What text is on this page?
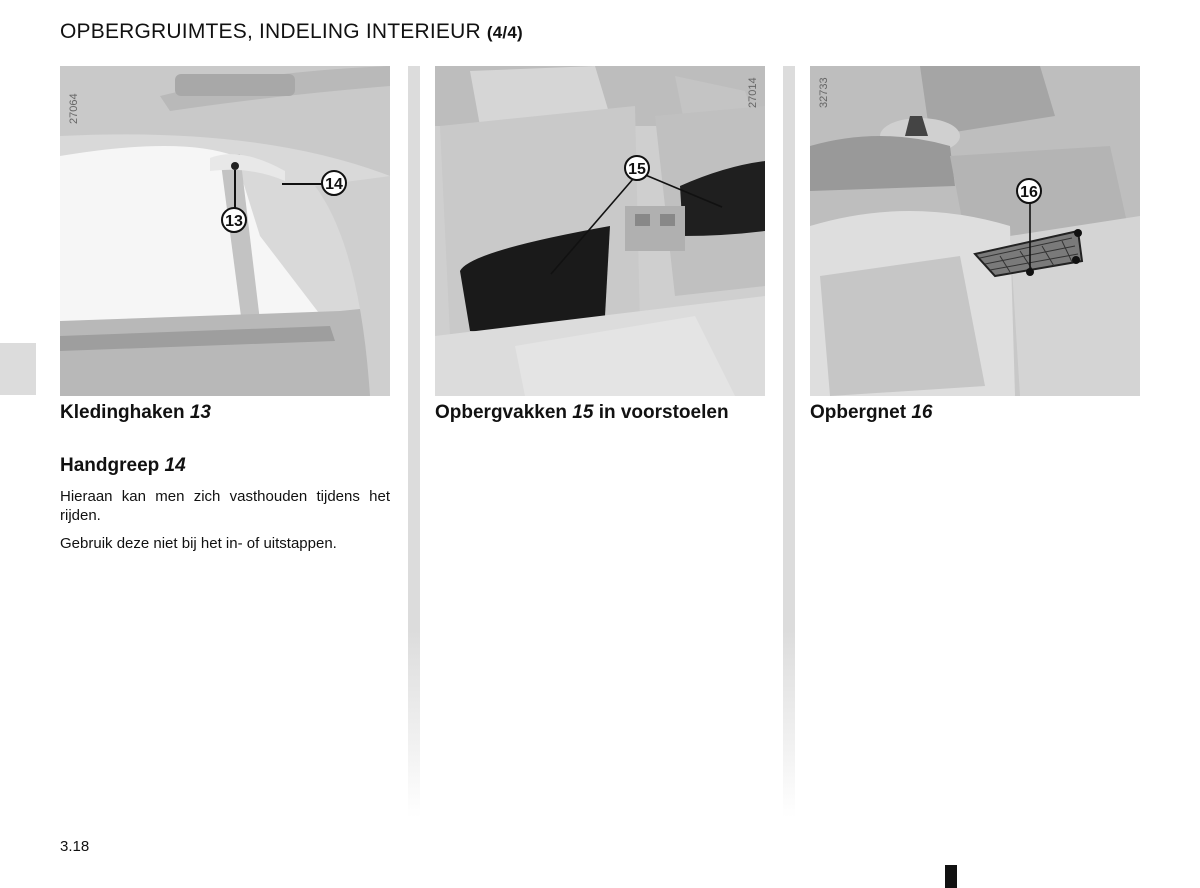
OPBERGRUIMTES, INDELING INTERIEUR (4/4)
14
13
27064
15
27014
16
32733
Kledinghaken 13	Opbergvakken 15 in voorstoelen	Opbergnet 16
Handgreep 14

Hieraan kan men zich vasthouden tijdens het rijden.

Gebruik deze niet bij het in- of uitstappen.

3.18
